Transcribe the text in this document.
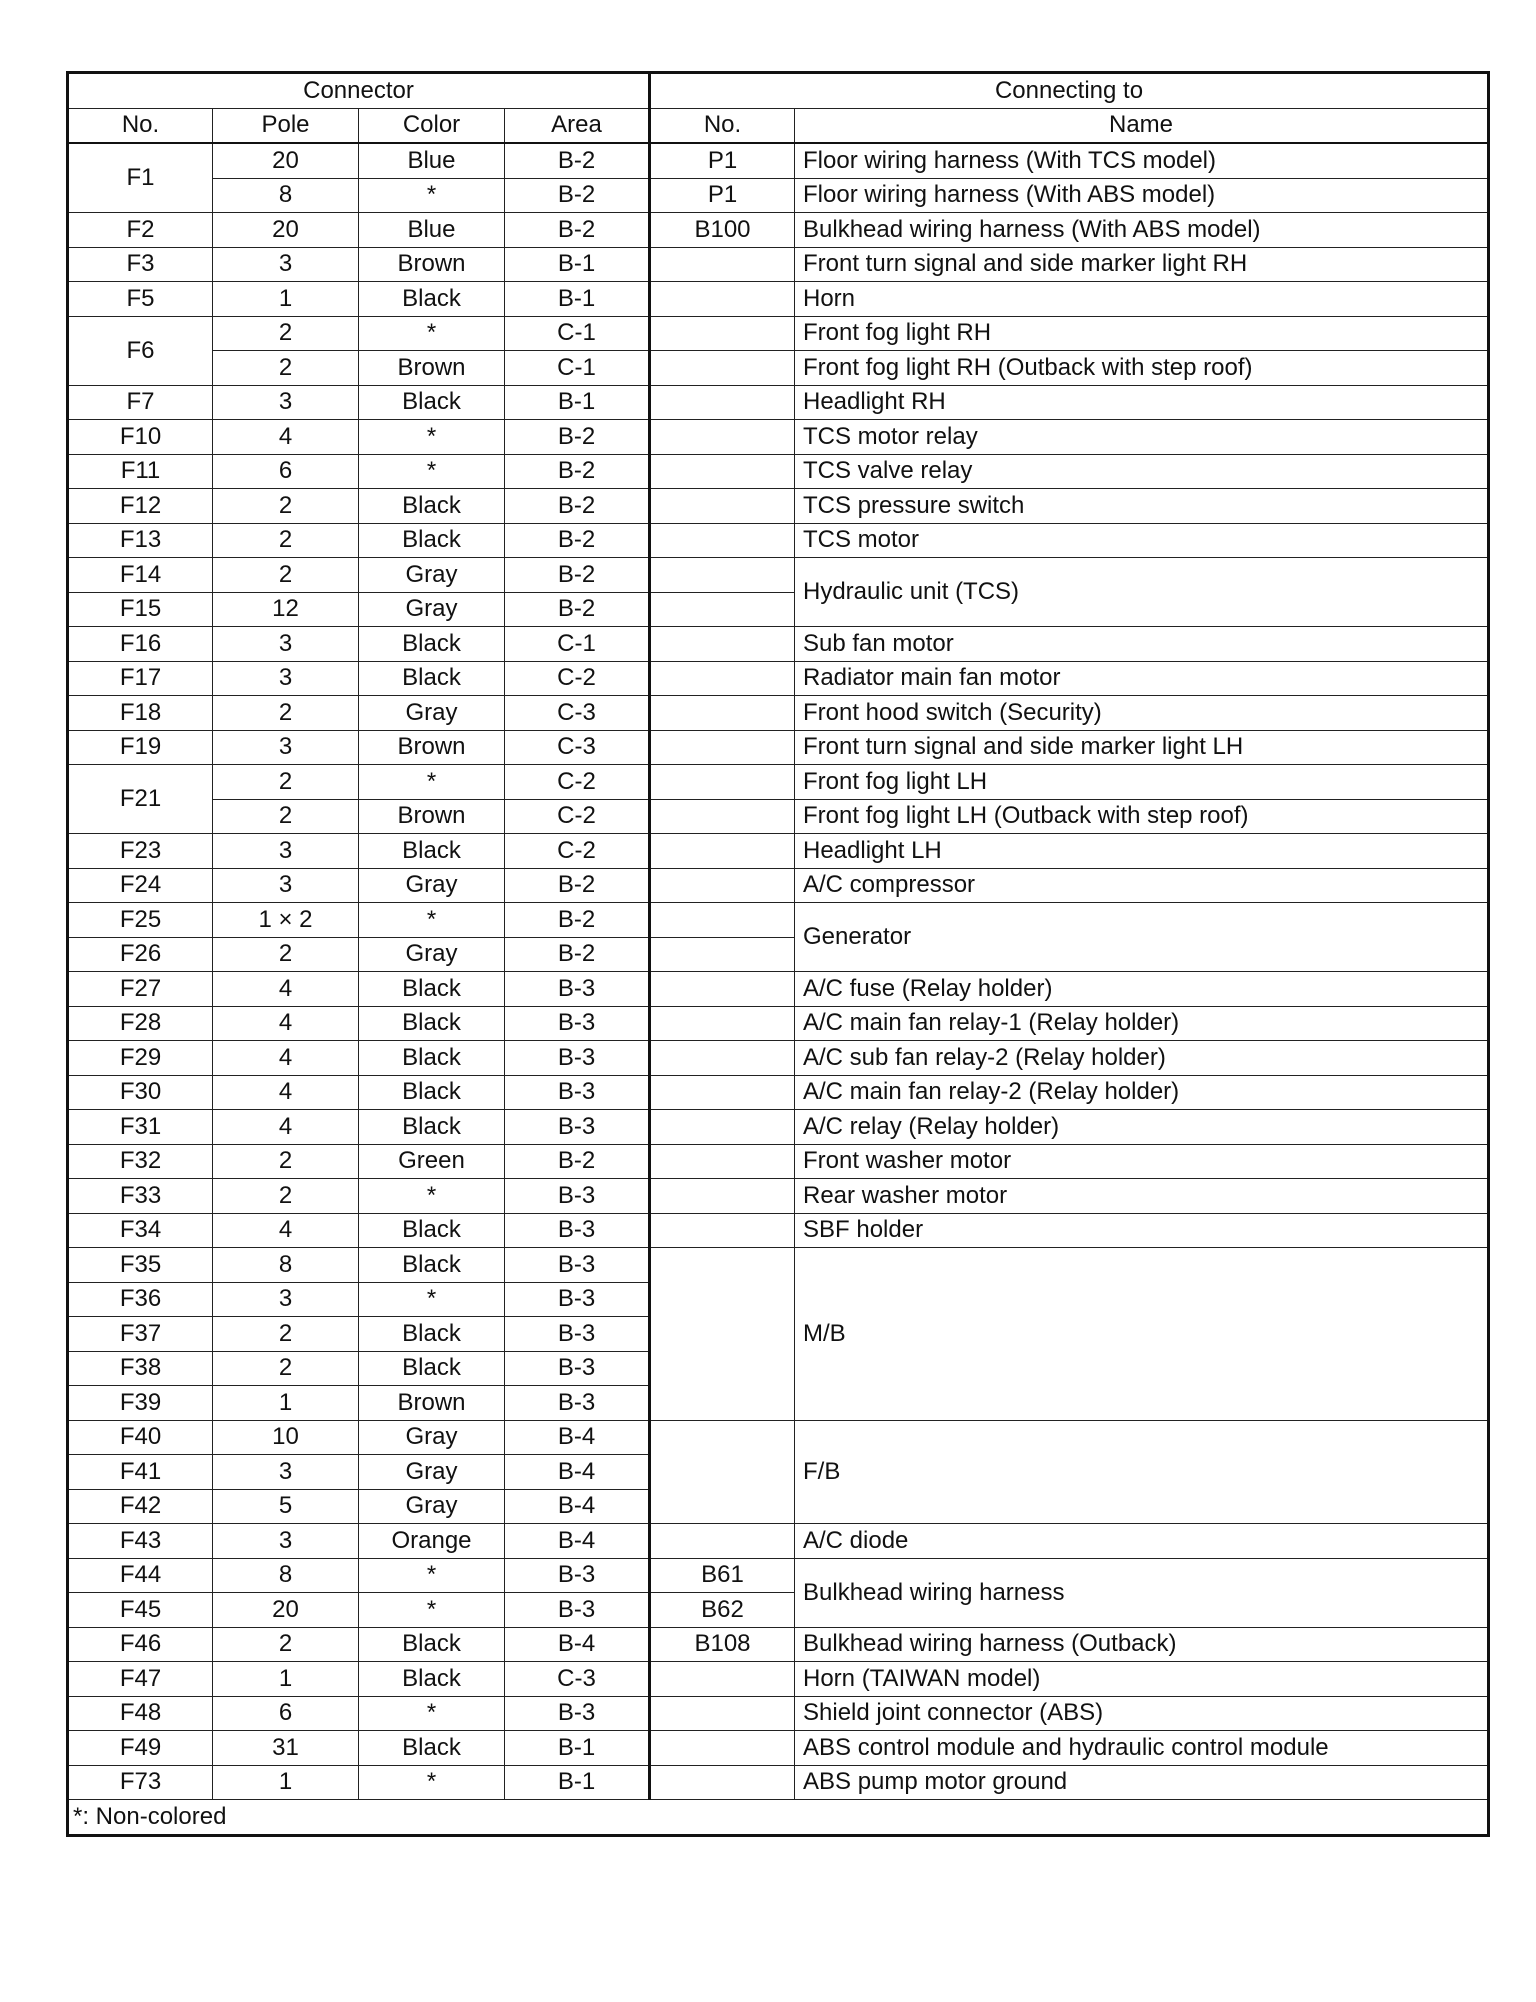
Connector				Connecting to	
No.	Pole	Color	Area	No.	Name
F1	20	Blue	B-2	P1	Floor wiring harness (With TCS model)
	8	*	B-2	P1	Floor wiring harness (With ABS model)
F2	20	Blue	B-2	B100	Bulkhead wiring harness (With ABS model)
F3	3	Brown	B-1		Front turn signal and side marker light RH
F5	1	Black	B-1		Horn
F6	2	*	C-1		Front fog light RH
	2	Brown	C-1		Front fog light RH (Outback with step roof)
F7	3	Black	B-1		Headlight RH
F10	4	*	B-2		TCS motor relay
F11	6	*	B-2		TCS valve relay
F12	2	Black	B-2		TCS pressure switch
F13	2	Black	B-2		TCS motor
F14	2	Gray	B-2		Hydraulic unit (TCS)
F15	12	Gray	B-2		
F16	3	Black	C-1		Sub fan motor
F17	3	Black	C-2		Radiator main fan motor
F18	2	Gray	C-3		Front hood switch (Security)
F19	3	Brown	C-3		Front turn signal and side marker light LH
F21	2	*	C-2		Front fog light LH
	2	Brown	C-2		Front fog light LH (Outback with step roof)
F23	3	Black	C-2		Headlight LH
F24	3	Gray	B-2		A/C compressor
F25	1 × 2	*	B-2		Generator
F26	2	Gray	B-2		
F27	4	Black	B-3		A/C fuse (Relay holder)
F28	4	Black	B-3		A/C main fan relay-1 (Relay holder)
F29	4	Black	B-3		A/C sub fan relay-2 (Relay holder)
F30	4	Black	B-3		A/C main fan relay-2 (Relay holder)
F31	4	Black	B-3		A/C relay (Relay holder)
F32	2	Green	B-2		Front washer motor
F33	2	*	B-3		Rear washer motor
F34	4	Black	B-3		SBF holder
F35	8	Black	B-3		M/B
F36	3	*	B-3		
F37	2	Black	B-3		
F38	2	Black	B-3		
F39	1	Brown	B-3		
F40	10	Gray	B-4		F/B
F41	3	Gray	B-4		
F42	5	Gray	B-4		
F43	3	Orange	B-4		A/C diode
F44	8	*	B-3	B61	Bulkhead wiring harness
F45	20	*	B-3	B62	
F46	2	Black	B-4	B108	Bulkhead wiring harness (Outback)
F47	1	Black	C-3		Horn (TAIWAN model)
F48	6	*	B-3		Shield joint connector (ABS)
F49	31	Black	B-1		ABS control module and hydraulic control module
F73	1	*	B-1		ABS pump motor ground
*: Non-colored					
